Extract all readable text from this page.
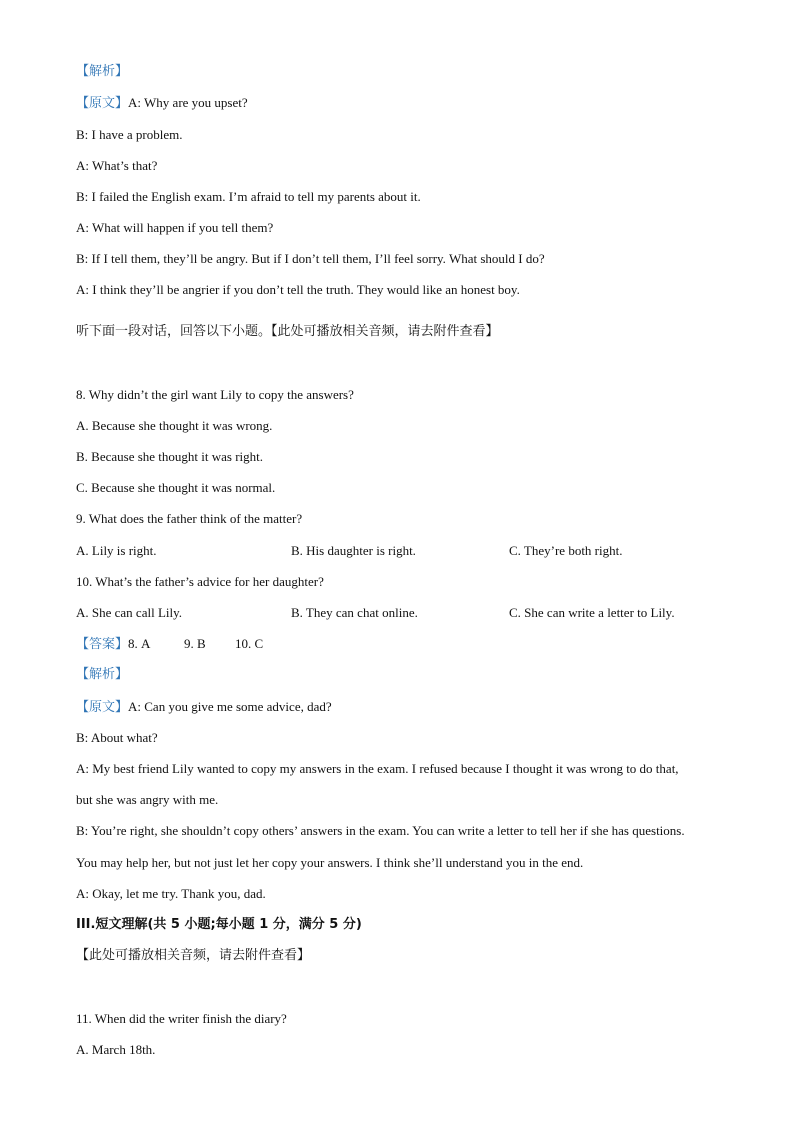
【解析】
【原文】A: Why are you upset?
B: I have a problem.
A: What’s that?
B: I failed the English exam. I’m afraid to tell my parents about it.
A: What will happen if you tell them?
B: If I tell them, they’ll be angry. But if I don’t tell them, I’ll feel sorry. What should I do?
A: I think they’ll be angrier if you don’t tell the truth. They would like an honest boy.
听下面一段对话，回答以下小题。【此处可播放相关音频，请去附件查看】
8. Why didn’t the girl want Lily to copy the answers?
A. Because she thought it was wrong.
B. Because she thought it was right.
C. Because she thought it was normal.
9. What does the father think of the matter?
A. Lily is right.	B. His daughter is right.	C. They’re both right.
10. What’s the father’s advice for her daughter?
A. She can call Lily.	B. They can chat online.	C. She can write a letter to Lily.
【答案】8. A	9. B 10. C
【解析】
【原文】A: Can you give me some advice, dad?
B: About what?
A: My best friend Lily wanted to copy my answers in the exam. I refused because I thought it was wrong to do that,
but she was angry with me.
B: You’re right, she shouldn’t copy others’ answers in the exam. You can write a letter to tell her if she has questions.
You may help her, but not just let her copy your answers. I think she’ll understand you in the end.
A: Okay, let me try. Thank you, dad.
III.短文理解(共 5 小题;每小题 1 分，满分 5 分)
【此处可播放相关音频，请去附件查看】
11. When did the writer finish the diary?
A. March 18th.
